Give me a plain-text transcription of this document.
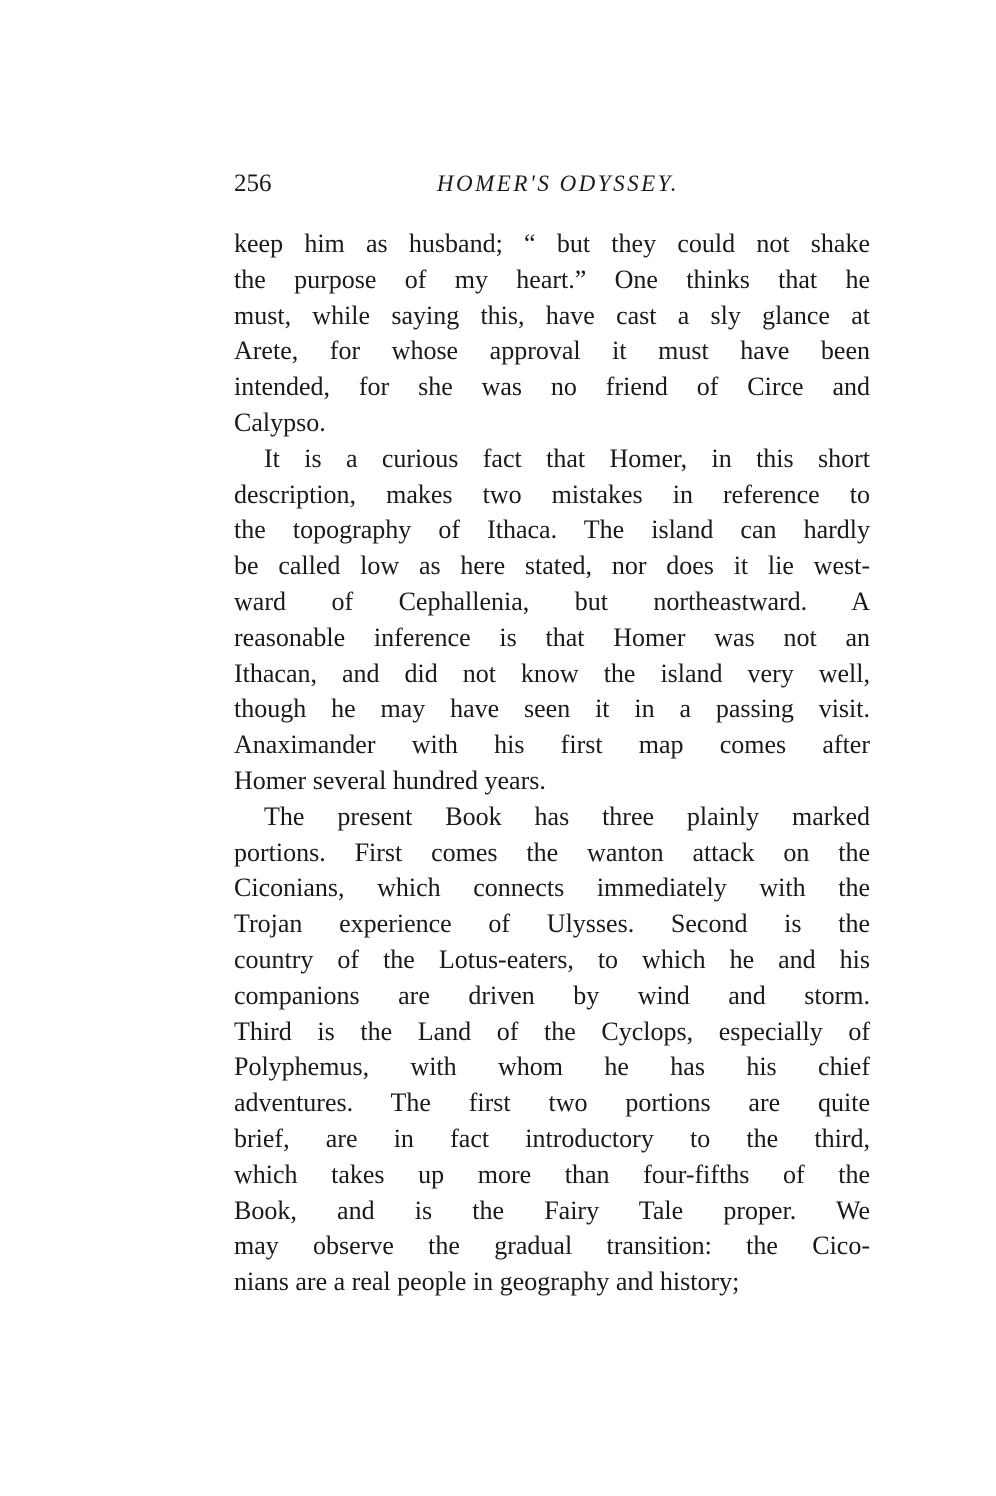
256	HOMER'S ODYSSEY.
keep him as husband; “ but they could not shake
the purpose of my heart.” One thinks that he
must, while saying this, have cast a sly glance at
Arete, for whose approval it must have been
intended, for she was no friend of Circe and
Calypso.
It is a curious fact that Homer, in this short
description, makes two mistakes in reference to
the topography of Ithaca. The island can hardly
be called low as here stated, nor does it lie west-
ward of Cephallenia, but northeastward. A
reasonable inference is that Homer was not an
Ithacan, and did not know the island very well,
though he may have seen it in a passing visit.
Anaximander with his first map comes after
Homer several hundred years.
The present Book has three plainly marked
portions. First comes the wanton attack on the
Ciconians, which connects immediately with the
Trojan experience of Ulysses. Second is the
country of the Lotus-eaters, to which he and his
companions are driven by wind and storm.
Third is the Land of the Cyclops, especially of
Polyphemus, with whom he has his chief
adventures. The first two portions are quite
brief, are in fact introductory to the third,
which takes up more than four-fifths of the
Book, and is the Fairy Tale proper. We
may observe the gradual transition: the Cico-
nians are a real people in geography and history;
